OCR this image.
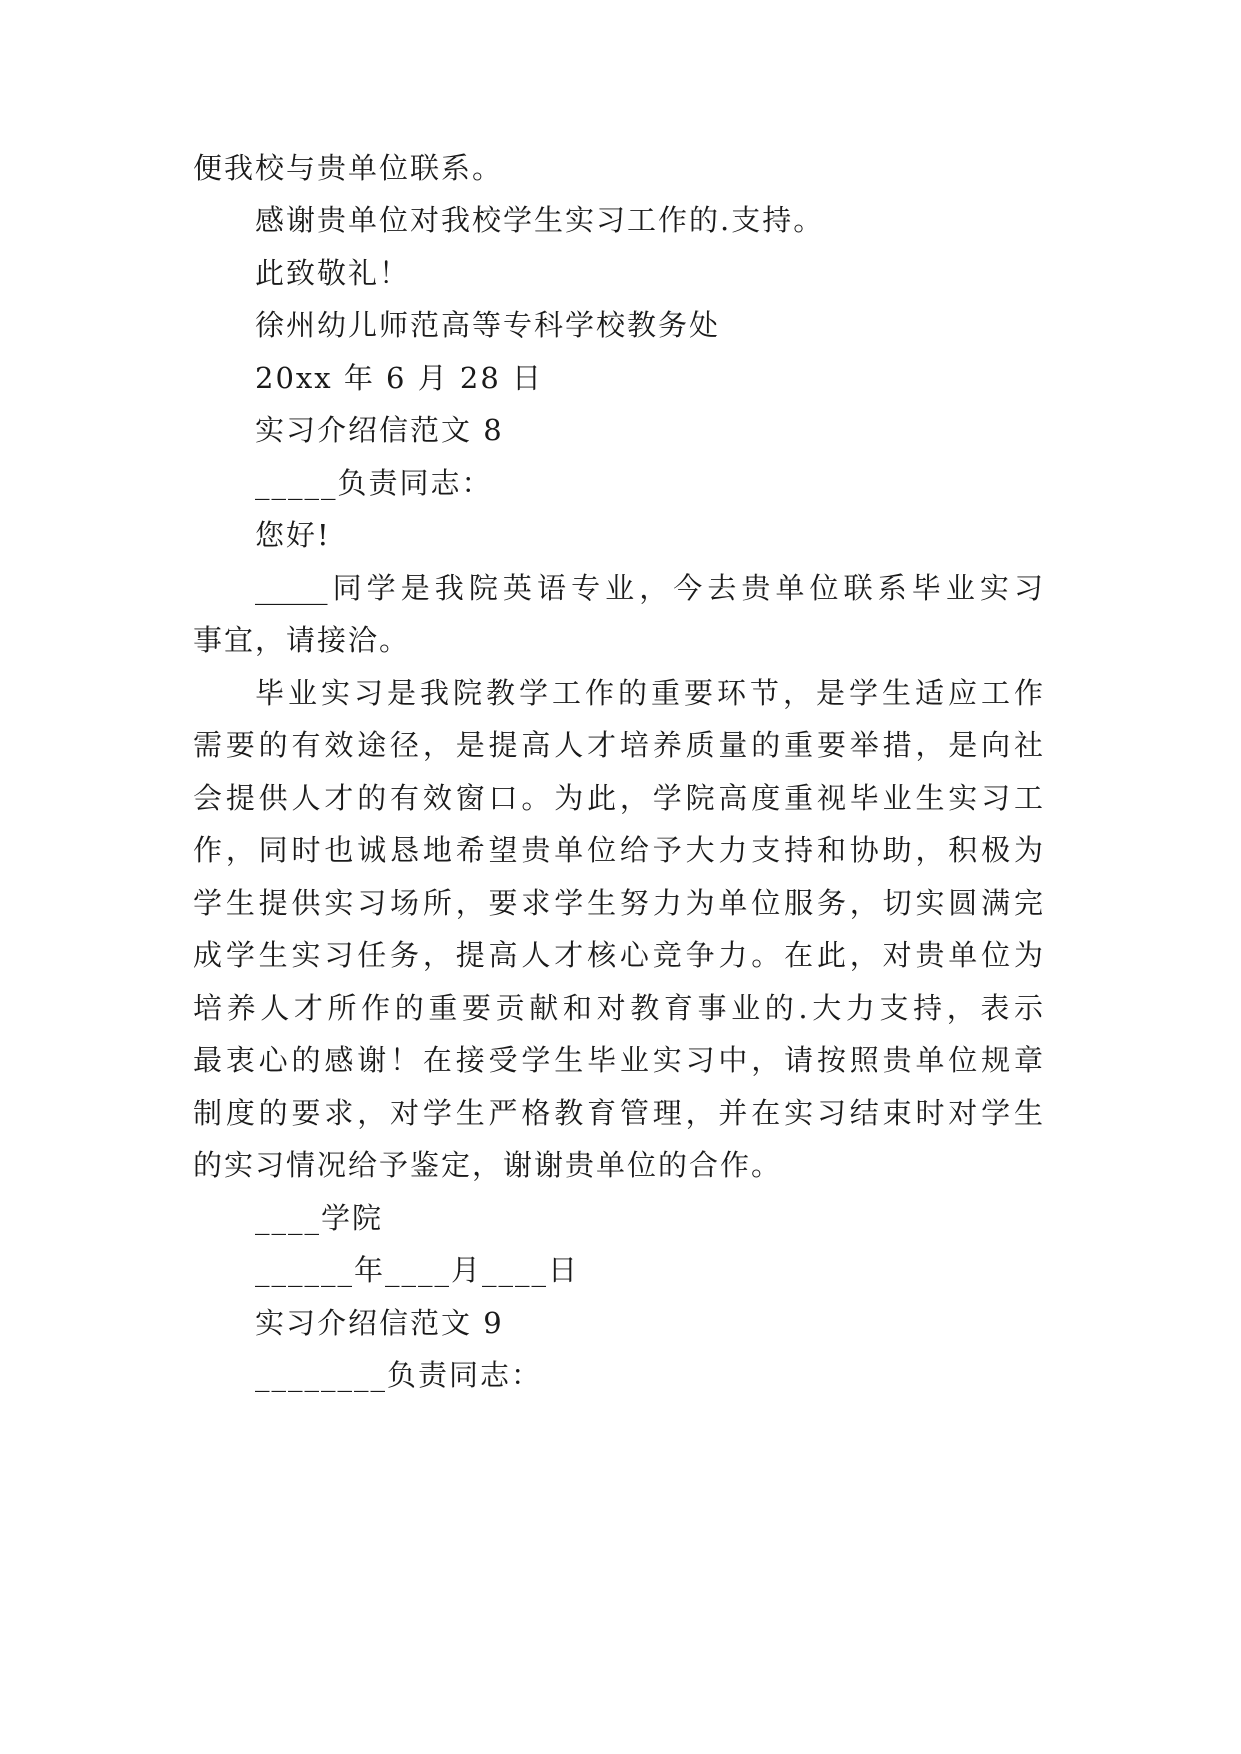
便我校与贵单位联系。
感谢贵单位对我校学生实习工作的.支持。
此致敬礼！
徐州幼儿师范高等专科学校教务处
20xx 年 6 月 28 日
实习介绍信范文 8
_____负责同志：
您好!
_____同学是我院英语专业，今去贵单位联系毕业实习
事宜，请接洽。
毕业实习是我院教学工作的重要环节，是学生适应工作
需要的有效途径，是提高人才培养质量的重要举措，是向社
会提供人才的有效窗口。为此，学院高度重视毕业生实习工
作，同时也诚恳地希望贵单位给予大力支持和协助，积极为
学生提供实习场所，要求学生努力为单位服务，切实圆满完
成学生实习任务，提高人才核心竞争力。在此，对贵单位为
培养人才所作的重要贡献和对教育事业的.大力支持，表示
最衷心的感谢！在接受学生毕业实习中，请按照贵单位规章
制度的要求，对学生严格教育管理，并在实习结束时对学生
的实习情况给予鉴定，谢谢贵单位的合作。
____学院
______年____月____日
实习介绍信范文 9
________负责同志：
